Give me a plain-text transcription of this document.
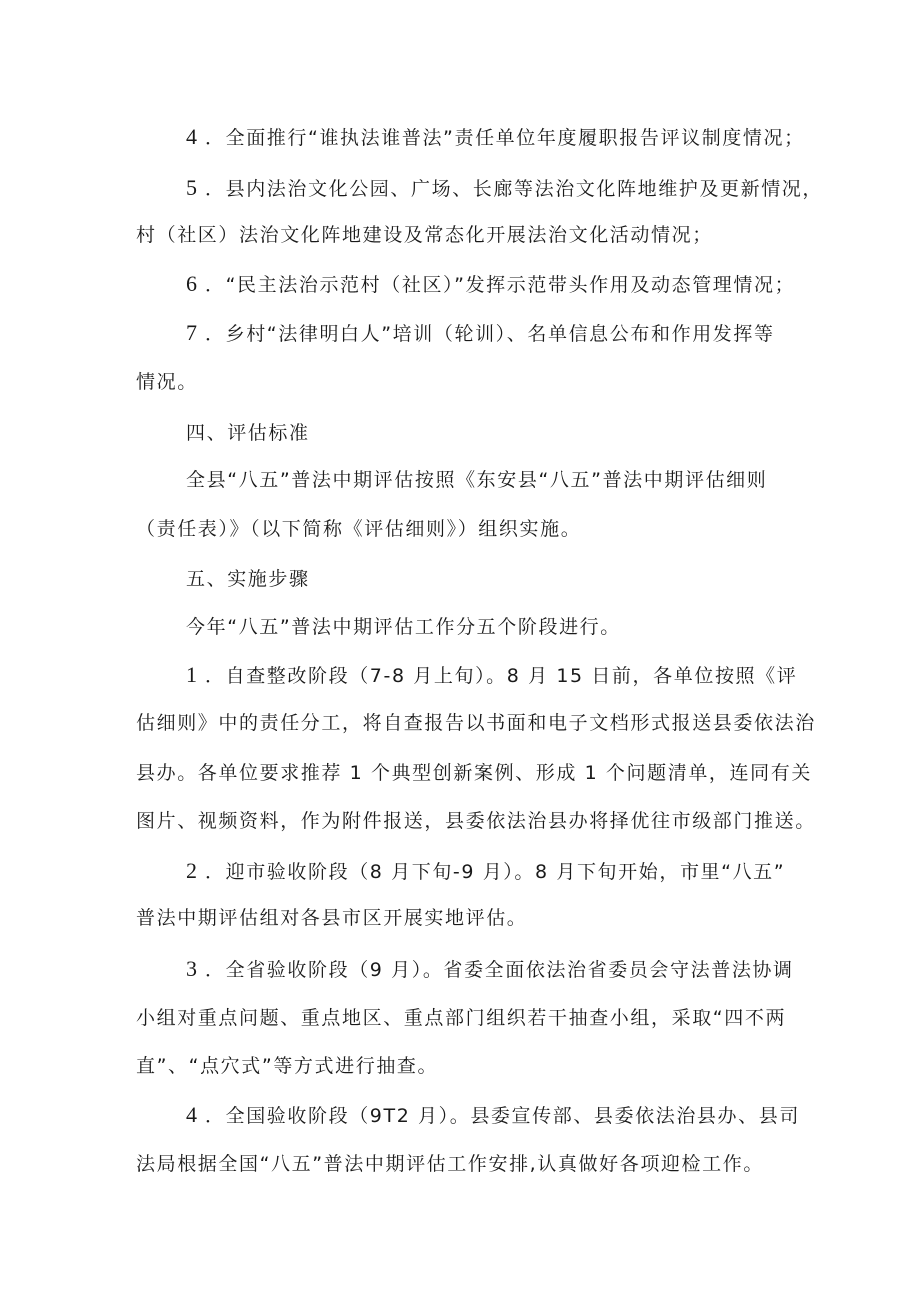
4 ．全面推行“谁执法谁普法”责任单位年度履职报告评议制度情况；
5 ．县内法治文化公园、广场、长廊等法治文化阵地维护及更新情况，
村（社区）法治文化阵地建设及常态化开展法治文化活动情况；
6 ．“民主法治示范村（社区）”发挥示范带头作用及动态管理情况；
7 ．乡村“法律明白人”培训（轮训）、名单信息公布和作用发挥等
情况。
四、评估标准
全县“八五”普法中期评估按照《东安县“八五”普法中期评估细则
（责任表）》（以下简称《评估细则》）组织实施。
五、实施步骤
今年“八五”普法中期评估工作分五个阶段进行。
1 ．自查整改阶段（7-8 月上旬）。8 月 15 日前，各单位按照《评
估细则》中的责任分工，将自查报告以书面和电子文档形式报送县委依法治
县办。各单位要求推荐 1 个典型创新案例、形成 1 个问题清单，连同有关
图片、视频资料，作为附件报送，县委依法治县办将择优往市级部门推送。
2 ．迎市验收阶段（8 月下旬-9 月）。8 月下旬开始，市里“八五”
普法中期评估组对各县市区开展实地评估。
3 ．全省验收阶段（9 月）。省委全面依法治省委员会守法普法协调
小组对重点问题、重点地区、重点部门组织若干抽查小组，采取“四不两
直”、“点穴式”等方式进行抽查。
4 ．全国验收阶段（9T2 月）。县委宣传部、县委依法治县办、县司
法局根据全国“八五”普法中期评估工作安排,认真做好各项迎检工作。
